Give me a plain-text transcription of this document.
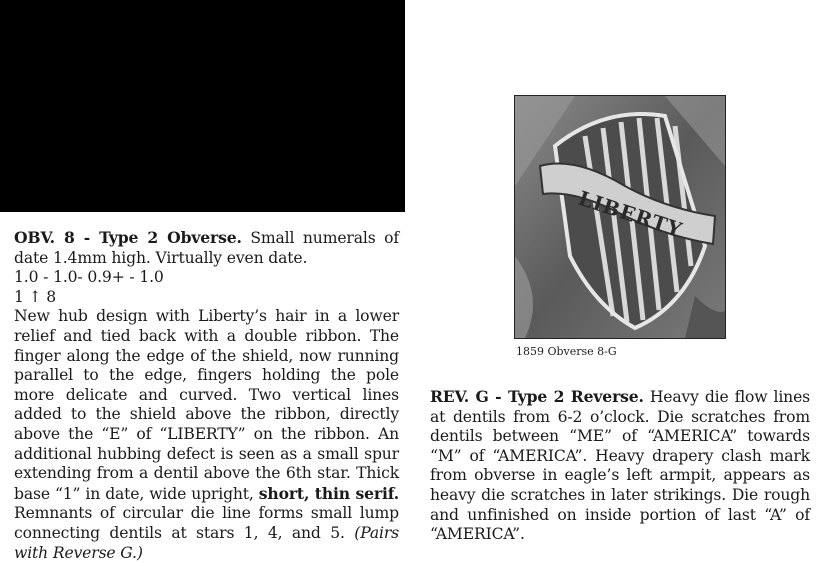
OBV. 8 - Type 2 Obverse. Small numerals of date 1.4mm high. Virtually even date.

1.0 - 1.0- 0.9+ - 1.0

1 ↑ 8

New hub design with Liberty’s hair in a lower relief and tied back with a double ribbon. The finger along the edge of the shield, now running parallel to the edge, fingers holding the pole more delicate and curved. Two vertical lines added to the shield above the ribbon, directly above the “E” of “LIBERTY” on the ribbon. An additional hubbing defect is seen as a small spur extending from a dentil above the 6th star. Thick base “1” in date, wide upright, short, thin serif. Remnants of circular die line forms small lump connecting dentils at stars 1, 4, and 5. (Pairs with Reverse G.)

LIBERTY
1859 Obverse 8-G

REV. G - Type 2 Reverse. Heavy die flow lines at dentils from 6-2 o’clock. Die scratches from dentils between “ME” of “AMERICA” towards “M” of “AMERICA”. Heavy drapery clash mark from obverse in eagle’s left armpit, appears as heavy die scratches in later strikings. Die rough and unfinished on inside portion of last “A” of “AMERICA”.
